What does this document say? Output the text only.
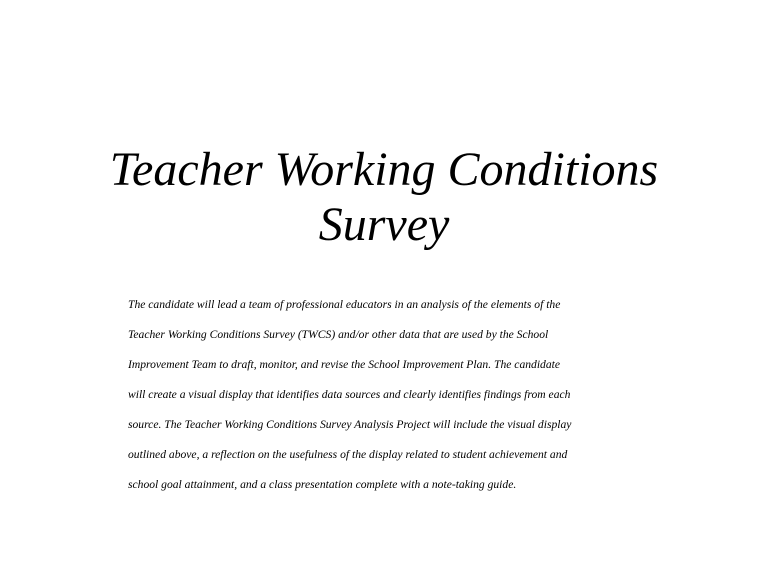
Teacher Working Conditions
Survey
The candidate will lead a team of professional educators in an analysis of the elements of the
Teacher Working Conditions Survey (TWCS) and/or other data that are used by the School
Improvement Team to draft, monitor, and revise the School Improvement Plan. The candidate
will create a visual display that identifies data sources and clearly identifies findings from each
source. The Teacher Working Conditions Survey Analysis Project will include the visual display
outlined above, a reflection on the usefulness of the display related to student achievement and
school goal attainment, and a class presentation complete with a note-taking guide.
